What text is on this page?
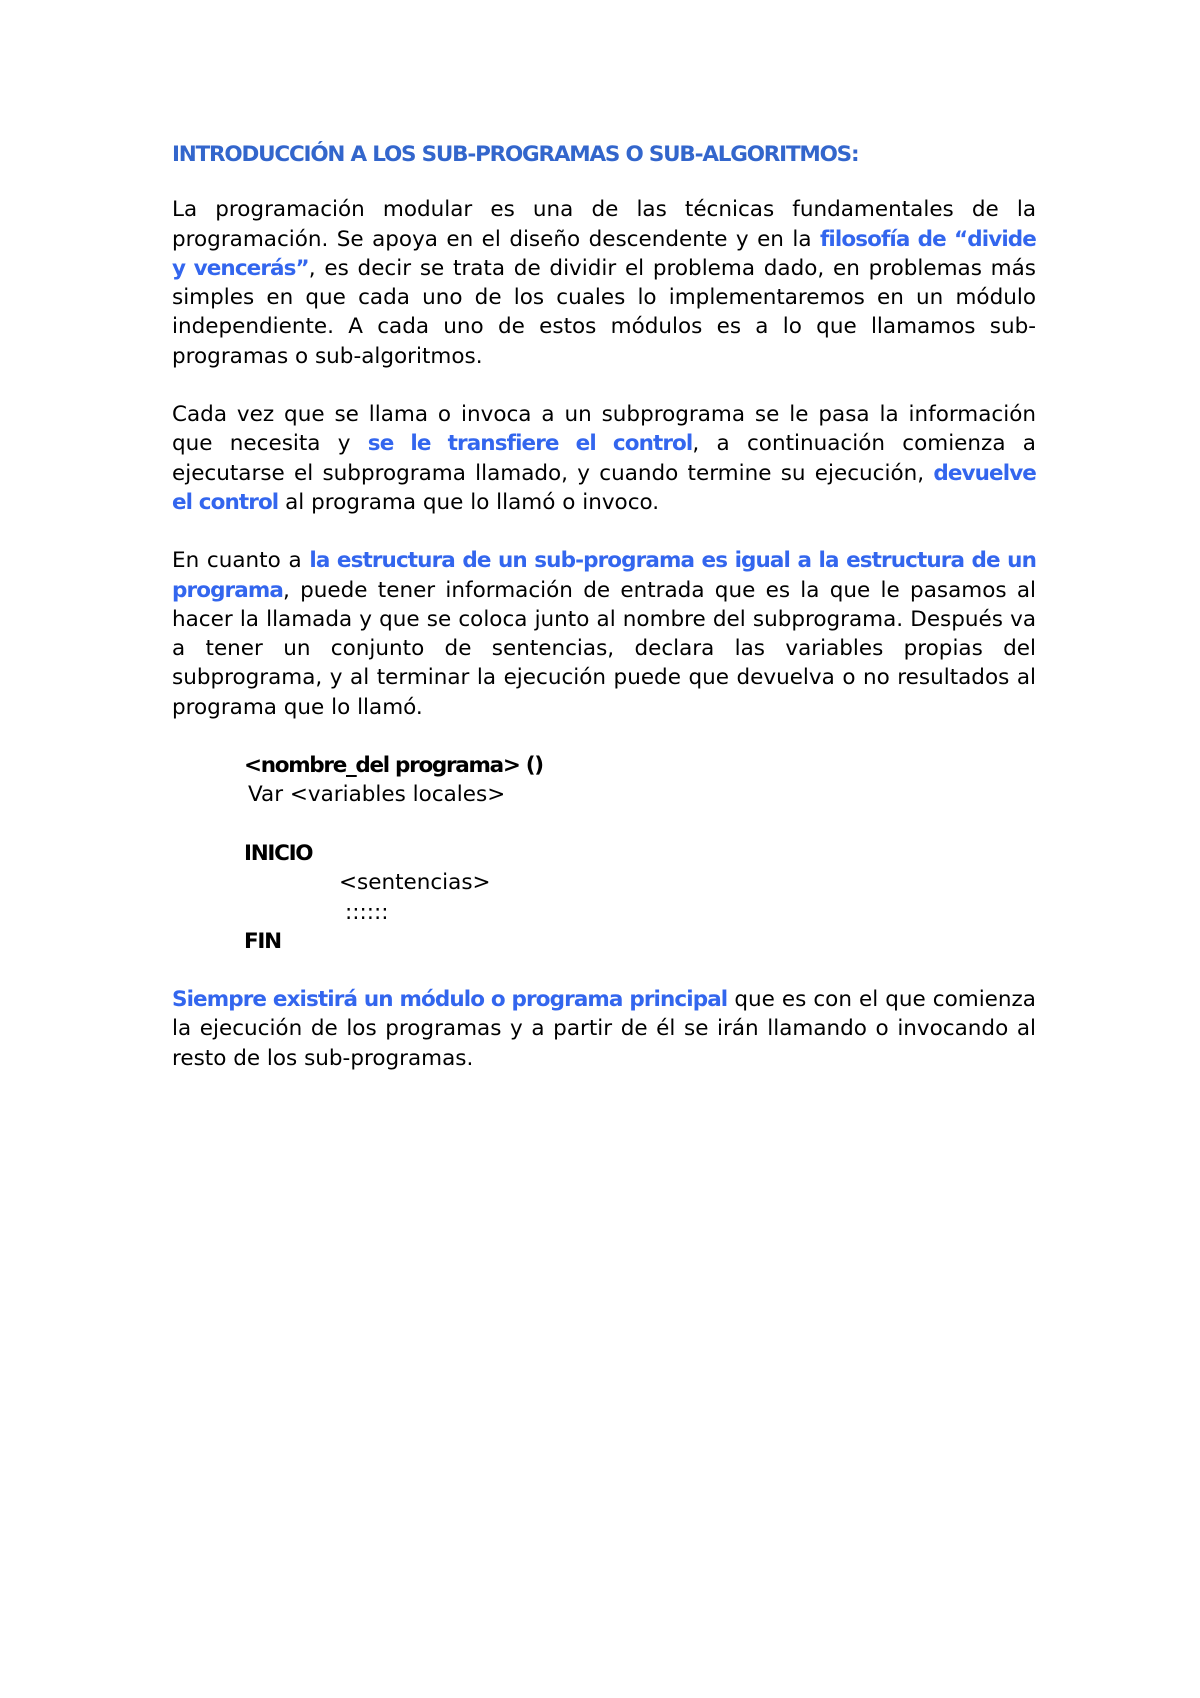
INTRODUCCIÓN A LOS SUB-PROGRAMAS O SUB-ALGORITMOS:

La programación modular es una de las técnicas fundamentales de la programación. Se apoya en el diseño descendente y en la filosofía de “divide y vencerás”, es decir se trata de dividir el problema dado, en problemas más simples en que cada uno de los cuales lo implementaremos en un módulo independiente. A cada uno de estos módulos es a lo que llamamos sub-programas o sub-algoritmos.

Cada vez que se llama o invoca a un subprograma se le pasa la información que necesita y se le transfiere el control, a continuación comienza a ejecutarse el subprograma llamado, y cuando termine su ejecución, devuelve el control al programa que lo llamó o invoco.

En cuanto a la estructura de un sub-programa es igual a la estructura de un programa, puede tener información de entrada que es la que le pasamos al hacer la llamada y que se coloca junto al nombre del subprograma. Después va a tener un conjunto de sentencias, declara las variables propias del subprograma, y al terminar la ejecución puede que devuelva o no resultados al programa que lo llamó.

<nombre_del programa> ()
Var <variables locales>
INICIO
<sentencias>
::::::
FIN

Siempre existirá un módulo o programa principal que es con el que comienza la ejecución de los programas y a partir de él se irán llamando o invocando al resto de los sub-programas.
